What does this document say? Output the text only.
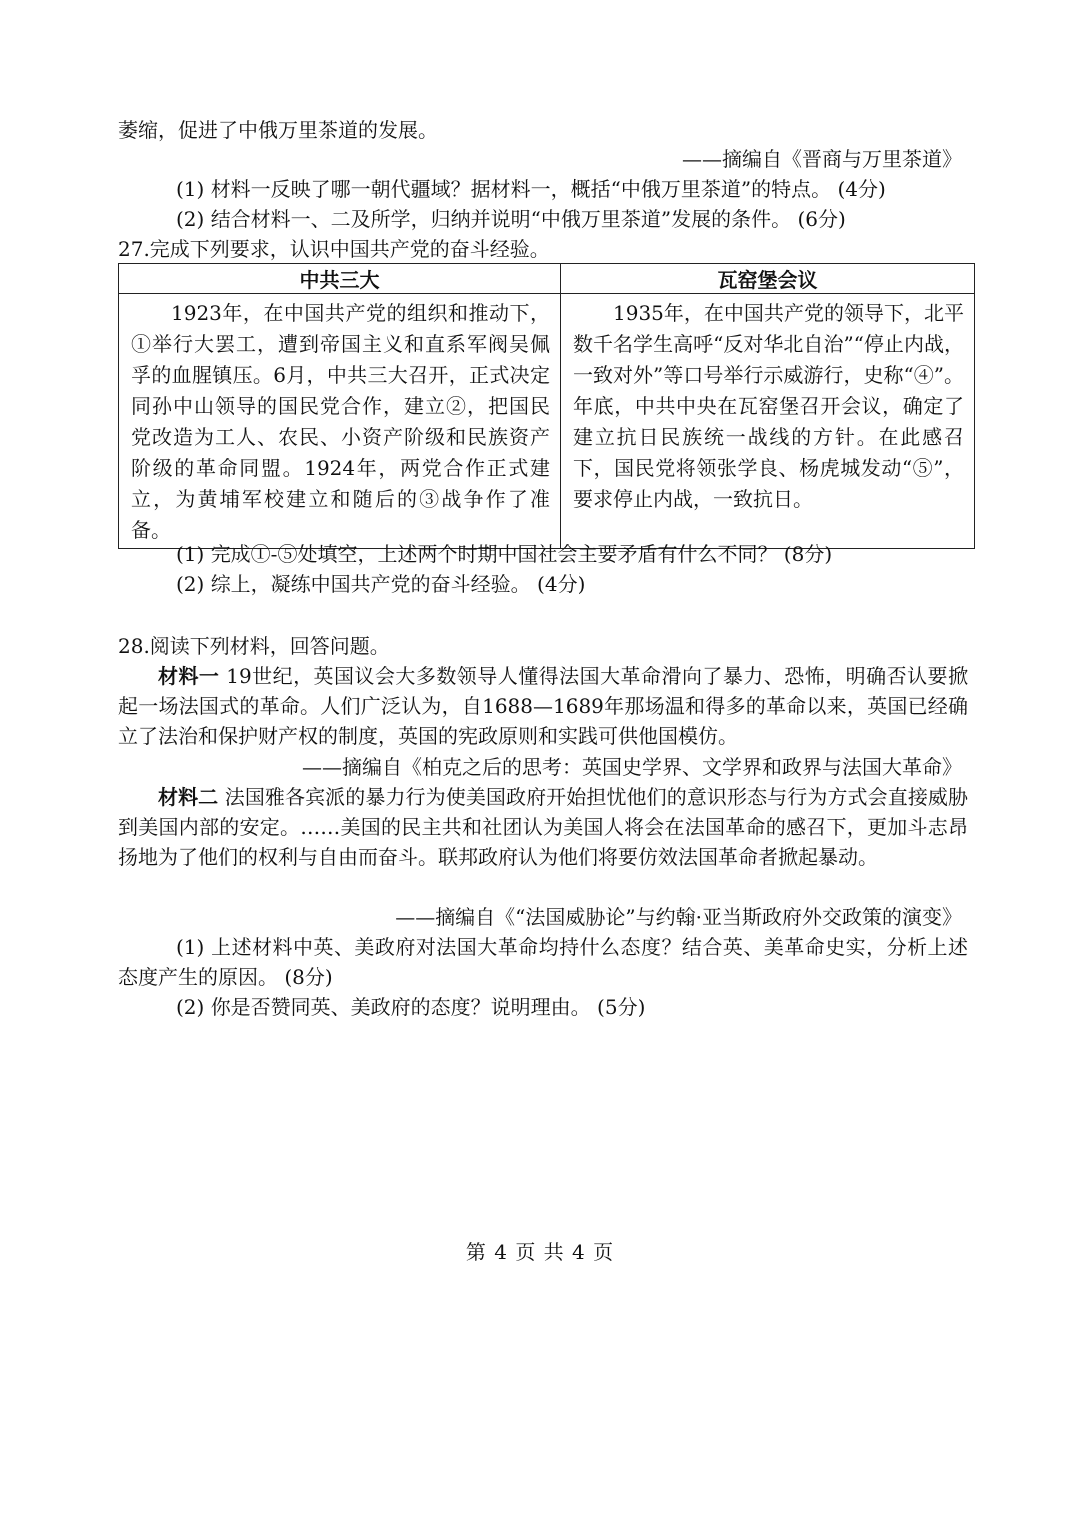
萎缩，促进了中俄万里茶道的发展。
——摘编自《晋商与万里茶道》
(1) 材料一反映了哪一朝代疆域？据材料一，概括“中俄万里茶道”的特点。 (4分)
(2) 结合材料一、二及所学，归纳并说明“中俄万里茶道”发展的条件。 (6分)
27.完成下列要求，认识中国共产党的奋斗经验。
中共三大	瓦窑堡会议
1923年，在中国共产党的组织和推动下，①举行大罢工，遭到帝国主义和直系军阀吴佩孚的血腥镇压。6月，中共三大召开，正式决定同孙中山领导的国民党合作，建立②，把国民党改造为工人、农民、小资产阶级和民族资产阶级的革命同盟。1924年，两党合作正式建立，为黄埔军校建立和随后的③战争作了准备。	1935年，在中国共产党的领导下，北平数千名学生高呼“反对华北自治”“停止内战，一致对外”等口号举行示威游行，史称“④”。年底，中共中央在瓦窑堡召开会议，确定了建立抗日民族统一战线的方针。在此感召下，国民党将领张学良、杨虎城发动“⑤”，要求停止内战，一致抗日。
(1) 完成①-⑤处填空，上述两个时期中国社会主要矛盾有什么不同？ (8分)
(2) 综上，凝练中国共产党的奋斗经验。 (4分)
28.阅读下列材料，回答问题。
材料一 19世纪，英国议会大多数领导人懂得法国大革命滑向了暴力、恐怖，明确否认要掀起一场法国式的革命。人们广泛认为，自1688—1689年那场温和得多的革命以来，英国已经确立了法治和保护财产权的制度，英国的宪政原则和实践可供他国模仿。
——摘编自《柏克之后的思考：英国史学界、文学界和政界与法国大革命》
材料二 法国雅各宾派的暴力行为使美国政府开始担忧他们的意识形态与行为方式会直接威胁到美国内部的安定。……美国的民主共和社团认为美国人将会在法国革命的感召下，更加斗志昂扬地为了他们的权利与自由而奋斗。联邦政府认为他们将要仿效法国革命者掀起暴动。
——摘编自《“法国威胁论”与约翰·亚当斯政府外交政策的演变》
(1) 上述材料中英、美政府对法国大革命均持什么态度？结合英、美革命史实，分析上述态度产生的原因。 (8分)
(2) 你是否赞同英、美政府的态度？说明理由。 (5分)
第 4 页 共 4 页
